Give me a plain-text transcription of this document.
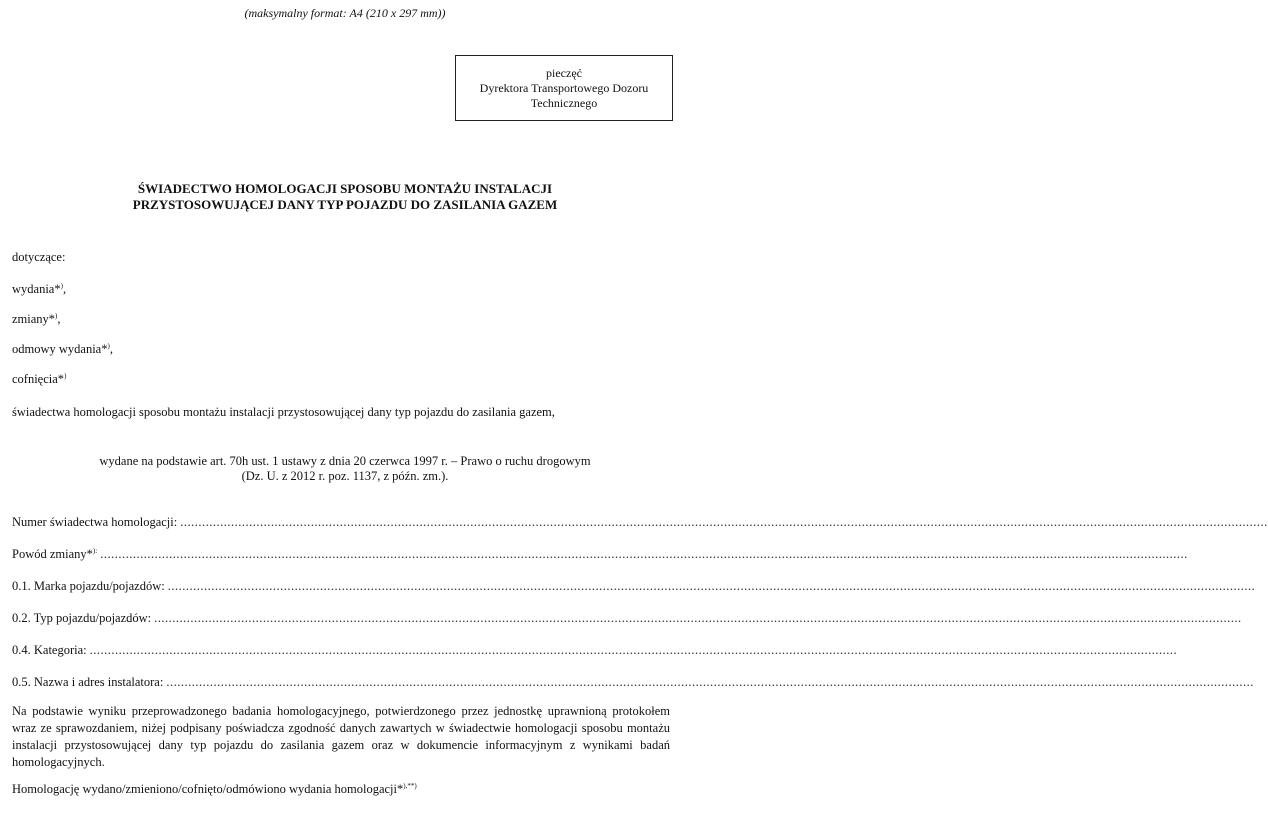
(maksymalny format: A4 (210 x 297 mm))
pieczęć
Dyrektora Transportowego Dozoru
Technicznego
ŚWIADECTWO HOMOLOGACJI SPOSOBU MONTAŻU INSTALACJI
PRZYSTOSOWUJĄCEJ DANY TYP POJAZDU DO ZASILANIA GAZEM
dotyczące:
wydania*),
zmiany*),
odmowy wydania*),
cofnięcia*)
świadectwa homologacji sposobu montażu instalacji przystosowującej dany typ pojazdu do zasilania gazem,
wydane na podstawie art. 70h ust. 1 ustawy z dnia 20 czerwca 1997 r. – Prawo o ruchu drogowym
(Dz. U. z 2012 r. poz. 1137, z późn. zm.).
Numer świadectwa homologacji: ............................................................................................................................................................................................................................................................................................................
Powód zmiany*): ............................................................................................................................................................................................................................................................................................................
0.1. Marka pojazdu/pojazdów: ............................................................................................................................................................................................................................................................................................................
0.2. Typ pojazdu/pojazdów: ............................................................................................................................................................................................................................................................................................................
0.4. Kategoria: ............................................................................................................................................................................................................................................................................................................
0.5. Nazwa i adres instalatora: ............................................................................................................................................................................................................................................................................................................
Na podstawie wyniku przeprowadzonego badania homologacyjnego, potwierdzonego przez jednostkę uprawnioną protokołem wraz ze sprawozdaniem, niżej podpisany poświadcza zgodność danych zawartych w świadectwie homologacji sposobu montażu instalacji przystosowującej dany typ pojazdu do zasilania gazem oraz w dokumencie informacyjnym z wynikami badań homologacyjnych.
Homologację wydano/zmieniono/cofnięto/odmówiono wydania homologacji*),**)
